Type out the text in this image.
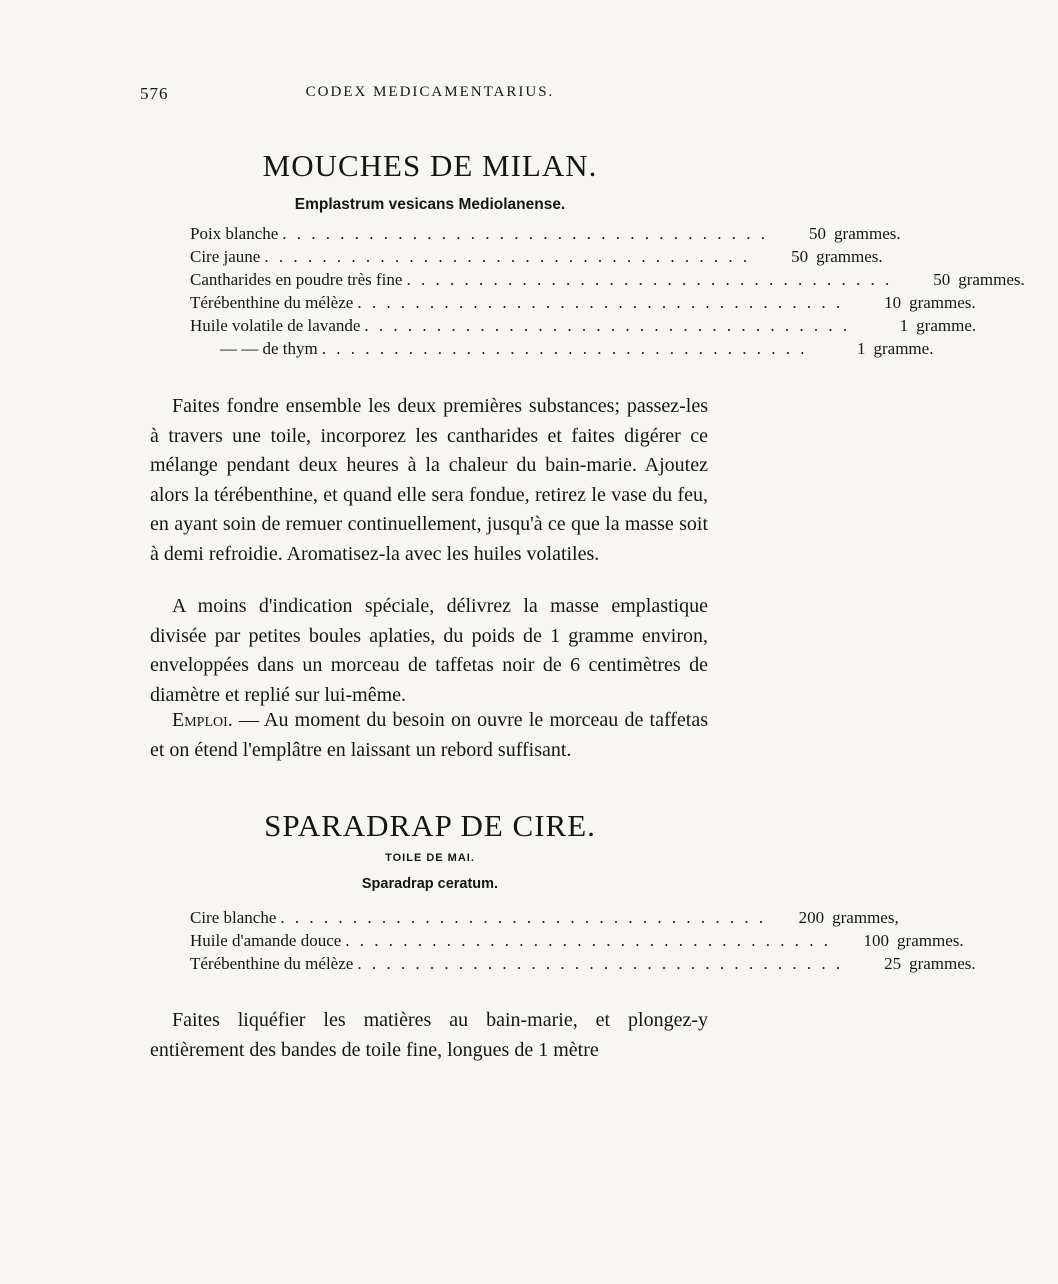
576	CODEX MEDICAMENTARIUS.
MOUCHES DE MILAN.
Emplastrum vesicans Mediolanense.
Poix blanche . . . . . . . . . . . . . . . . . . . . . . . . . . . . . . . . . .	50 grammes.
Cire jaune . . . . . . . . . . . . . . . . . . . . . . . . . . . . . . . . . .	50 grammes.
Cantharides en poudre très fine . . . . . . . . . . . . . . . . . . . . . . . . . . . . . . . . . .	50 grammes.
Térébenthine du mélèze . . . . . . . . . . . . . . . . . . . . . . . . . . . . . . . . . .	10 grammes.
Huile volatile de lavande . . . . . . . . . . . . . . . . . . . . . . . . . . . . . . . . . .	1 gramme.
— — de thym . . . . . . . . . . . . . . . . . . . . . . . . . . . . . . . . . .	1 gramme.

Faites fondre ensemble les deux premières substances; passez-les à travers une toile, incorporez les cantharides et faites digérer ce mélange pendant deux heures à la chaleur du bain-marie. Ajoutez alors la térébenthine, et quand elle sera fondue, retirez le vase du feu, en ayant soin de remuer continuellement, jusqu'à ce que la masse soit à demi refroidie. Aromatisez-la avec les huiles volatiles.

A moins d'indication spéciale, délivrez la masse emplastique divisée par petites boules aplaties, du poids de 1 gramme environ, enveloppées dans un morceau de taffetas noir de 6 centimètres de diamètre et replié sur lui-même.

Emploi. — Au moment du besoin on ouvre le morceau de taffetas et on étend l'emplâtre en laissant un rebord suffisant.

SPARADRAP DE CIRE.
TOILE DE MAI.
Sparadrap ceratum.
Cire blanche . . . . . . . . . . . . . . . . . . . . . . . . . . . . . . . . . .	200 grammes,
Huile d'amande douce . . . . . . . . . . . . . . . . . . . . . . . . . . . . . . . . . .	100 grammes.
Térébenthine du mélèze . . . . . . . . . . . . . . . . . . . . . . . . . . . . . . . . . .	25 grammes.

Faites liquéfier les matières au bain-marie, et plongez-y entièrement des bandes de toile fine, longues de 1 mètre
